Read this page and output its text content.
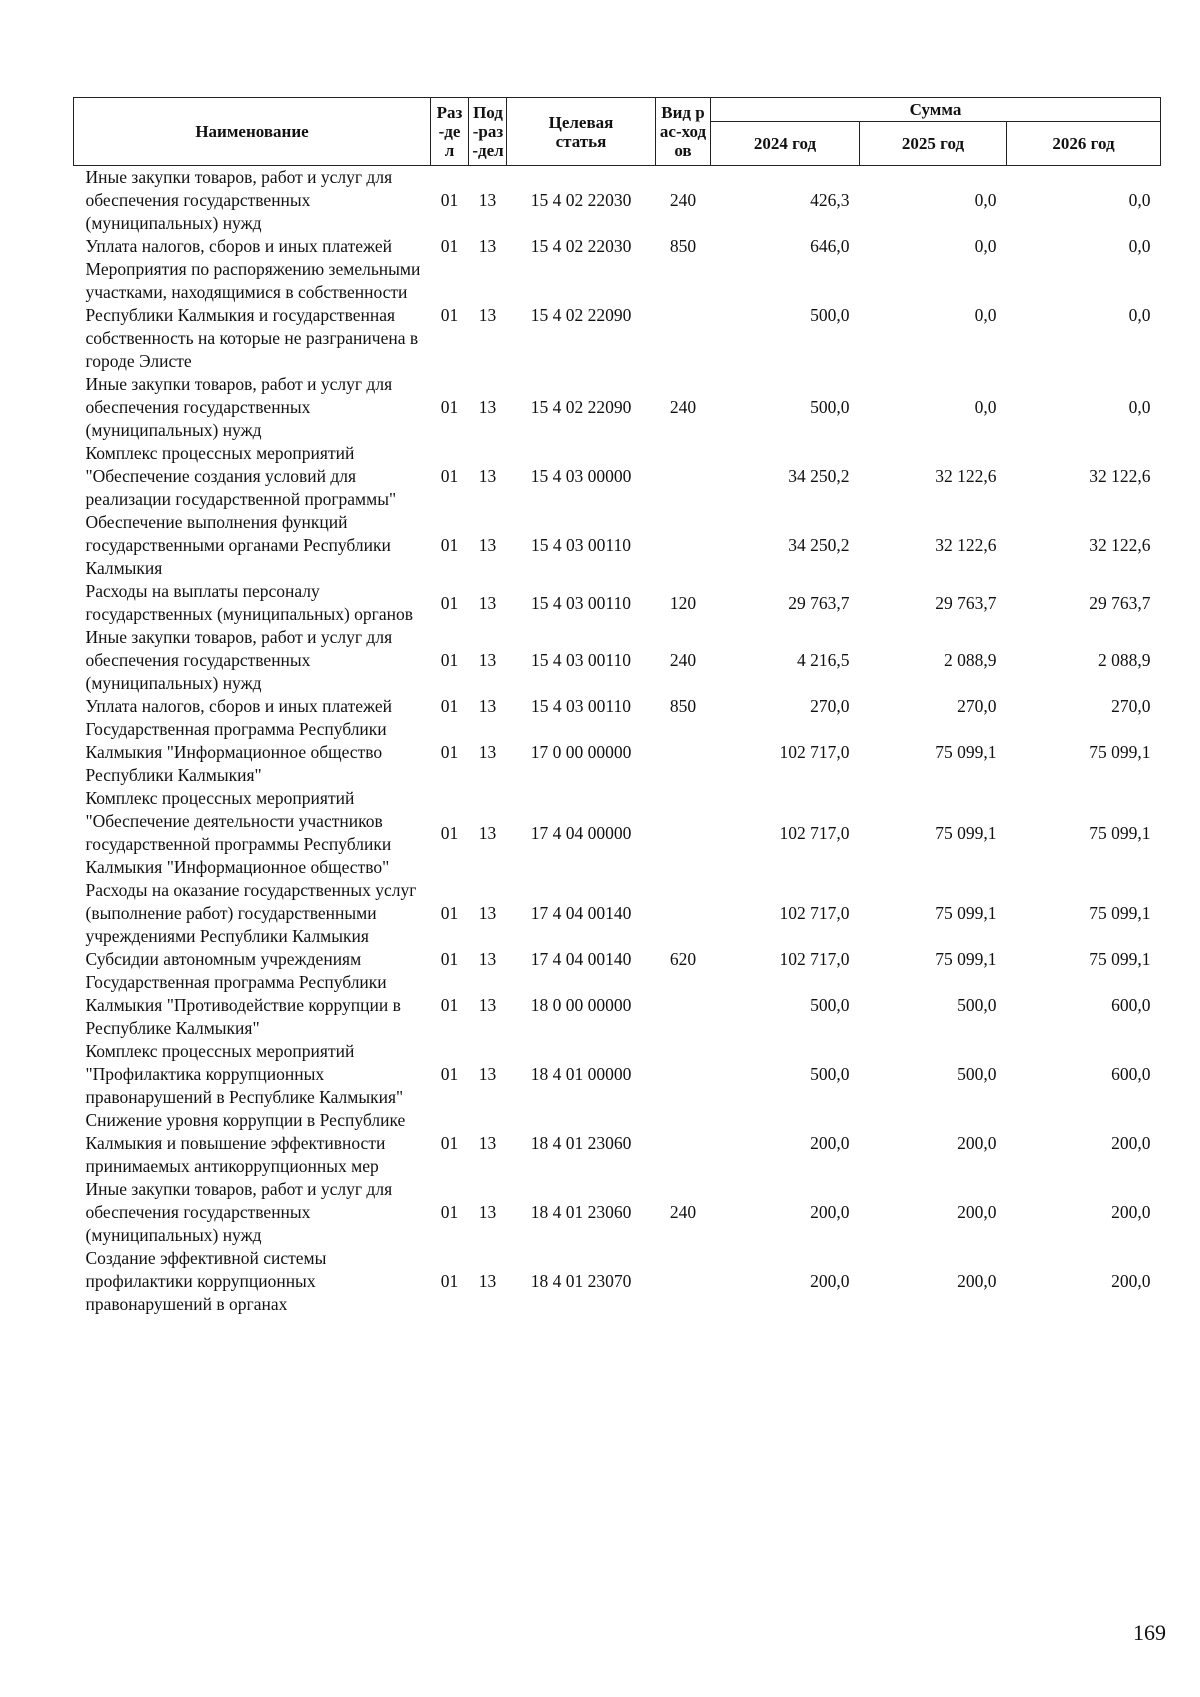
Наименование	Раз-дел	Под-раз-дел	Целевая статья	Вид рас-ходов	Сумма		
					2024 год	2025 год	2026 год
Иные закупки товаров, работ и услуг для обеспечения государственных (муниципальных) нужд	01	13	15 4 02 22030	240	426,3	0,0	0,0
Уплата налогов, сборов и иных платежей	01	13	15 4 02 22030	850	646,0	0,0	0,0
Мероприятия по распоряжению земельными участками, находящимися в собственности Республики Калмыкия и государственная собственность на которые не разграничена в городе Элисте	01	13	15 4 02 22090		500,0	0,0	0,0
Иные закупки товаров, работ и услуг для обеспечения государственных (муниципальных) нужд	01	13	15 4 02 22090	240	500,0	0,0	0,0
Комплекс процессных мероприятий "Обеспечение создания условий для реализации государственной программы"	01	13	15 4 03 00000		34 250,2	32 122,6	32 122,6
Обеспечение выполнения функций государственными органами Республики Калмыкия	01	13	15 4 03 00110		34 250,2	32 122,6	32 122,6
Расходы на выплаты персоналу государственных (муниципальных) органов	01	13	15 4 03 00110	120	29 763,7	29 763,7	29 763,7
Иные закупки товаров, работ и услуг для обеспечения государственных (муниципальных) нужд	01	13	15 4 03 00110	240	4 216,5	2 088,9	2 088,9
Уплата налогов, сборов и иных платежей	01	13	15 4 03 00110	850	270,0	270,0	270,0
Государственная программа Республики Калмыкия "Информационное общество Республики Калмыкия"	01	13	17 0 00 00000		102 717,0	75 099,1	75 099,1
Комплекс процессных мероприятий "Обеспечение деятельности участников государственной программы Республики Калмыкия "Информационное общество"	01	13	17 4 04 00000		102 717,0	75 099,1	75 099,1
Расходы на оказание государственных услуг (выполнение работ) государственными учреждениями Республики Калмыкия	01	13	17 4 04 00140		102 717,0	75 099,1	75 099,1
Субсидии автономным учреждениям	01	13	17 4 04 00140	620	102 717,0	75 099,1	75 099,1
Государственная программа Республики Калмыкия "Противодействие коррупции в Республике Калмыкия"	01	13	18 0 00 00000		500,0	500,0	600,0
Комплекс процессных мероприятий "Профилактика коррупционных правонарушений в Республике Калмыкия"	01	13	18 4 01 00000		500,0	500,0	600,0
Снижение уровня коррупции в Республике Калмыкия и повышение эффективности принимаемых антикоррупционных мер	01	13	18 4 01 23060		200,0	200,0	200,0
Иные закупки товаров, работ и услуг для обеспечения государственных (муниципальных) нужд	01	13	18 4 01 23060	240	200,0	200,0	200,0
Создание эффективной системы профилактики коррупционных правонарушений в органах	01	13	18 4 01 23070		200,0	200,0	200,0
169
